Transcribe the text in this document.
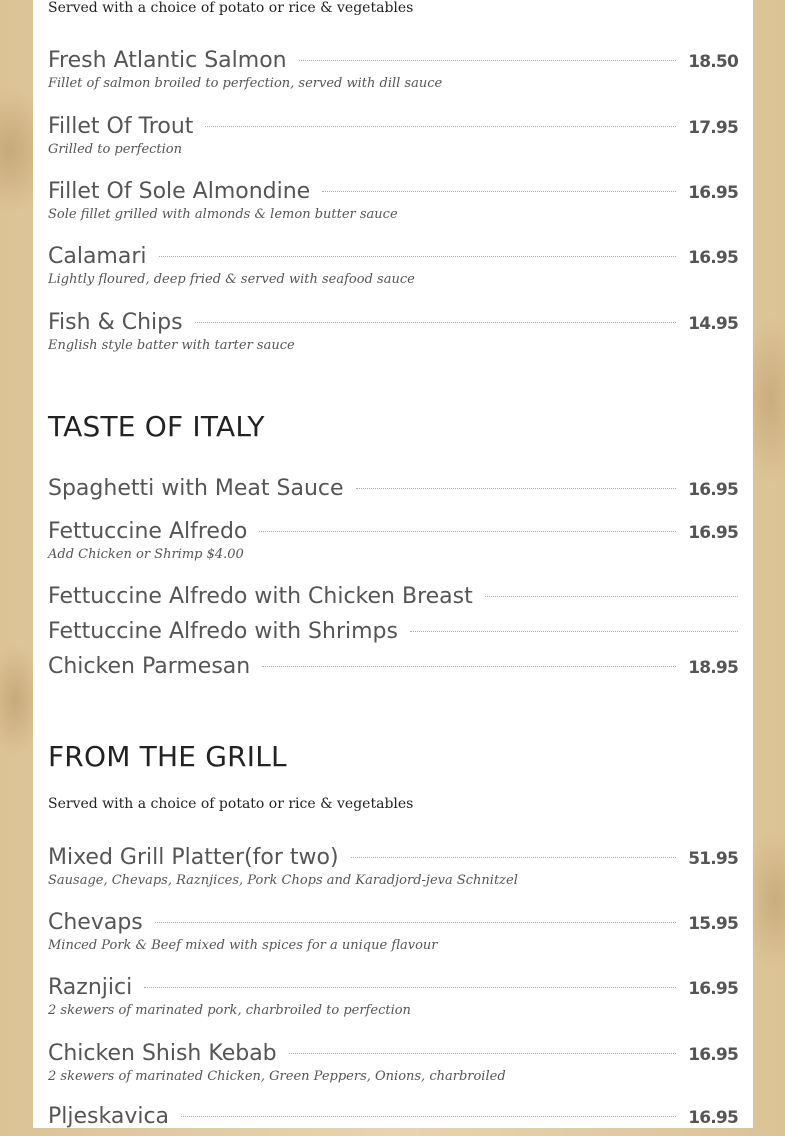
Served with a choice of potato or rice & vegetables
Fresh Atlantic Salmon	18.50
Fillet of salmon broiled to perfection, served with dill sauce
Fillet Of Trout	17.95
Grilled to perfection
Fillet Of Sole Almondine	16.95
Sole fillet grilled with almonds & lemon butter sauce
Calamari	16.95
Lightly floured, deep fried & served with seafood sauce
Fish & Chips	14.95
English style batter with tarter sauce
TASTE OF ITALY
Spaghetti with Meat Sauce	16.95
Fettuccine Alfredo	16.95
Add Chicken or Shrimp $4.00
Fettuccine Alfredo with Chicken Breast
Fettuccine Alfredo with Shrimps
Chicken Parmesan	18.95
FROM THE GRILL
Served with a choice of potato or rice & vegetables
Mixed Grill Platter(for two)	51.95
Sausage, Chevaps, Raznjices, Pork Chops and Karadjord-jeva Schnitzel
Chevaps	15.95
Minced Pork & Beef mixed with spices for a unique flavour
Raznjici	16.95
2 skewers of marinated pork, charbroiled to perfection
Chicken Shish Kebab	16.95
2 skewers of marinated Chicken, Green Peppers, Onions, charbroiled
Pljeskavica	16.95
